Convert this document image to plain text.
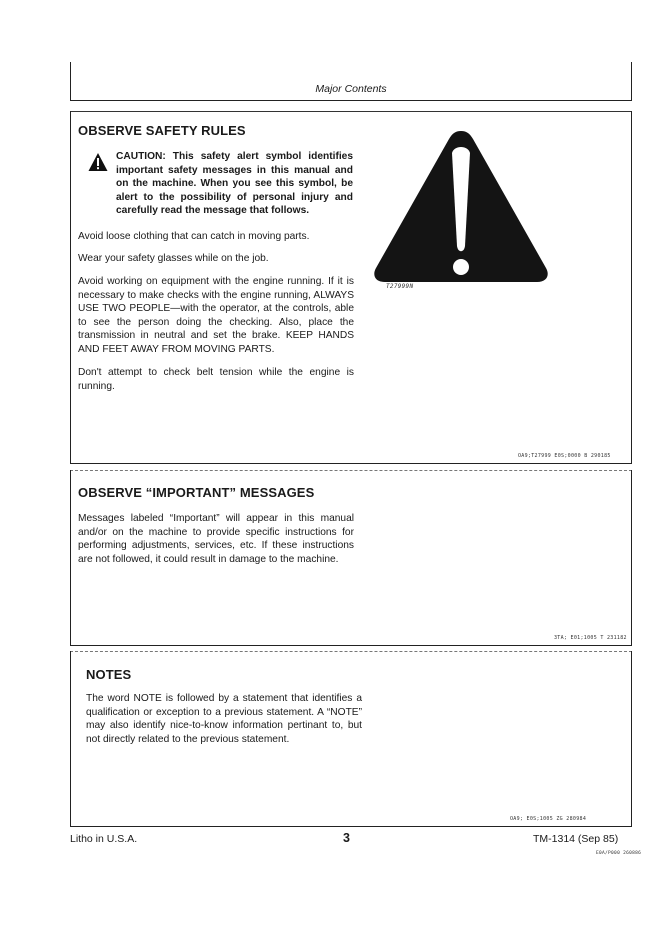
Major Contents
OBSERVE SAFETY RULES
CAUTION: This safety alert symbol identifies important safety messages in this manual and on the machine. When you see this symbol, be alert to the possibility of personal injury and carefully read the message that follows.
Avoid loose clothing that can catch in moving parts.
Wear your safety glasses while on the job.
Avoid working on equipment with the engine running. If it is necessary to make checks with the engine running, ALWAYS USE TWO PEOPLE—with the operator, at the controls, able to see the person doing the checking. Also, place the transmission in neutral and set the brake. KEEP HANDS AND FEET AWAY FROM MOVING PARTS.
Don't attempt to check belt tension while the engine is running.
T27999N
OA9;T27999 E0S;0000 B 290185
OBSERVE “IMPORTANT” MESSAGES
Messages labeled “Important” will appear in this manual and/or on the machine to provide specific instructions for performing adjustments, services, etc. If these instructions are not followed, it could result in damage to the machine.
3TA; E01;1005 T 231182
NOTES
The word NOTE is followed by a statement that identifies a qualification or exception to a previous statement. A “NOTE” may also identify nice-to-know information pertinant to, but not directly related to the previous statement.
OA9; E0S;1005 ZG 280984
Litho in U.S.A.	3	TM-1314 (Sep 85)
E0A/P000 260886
